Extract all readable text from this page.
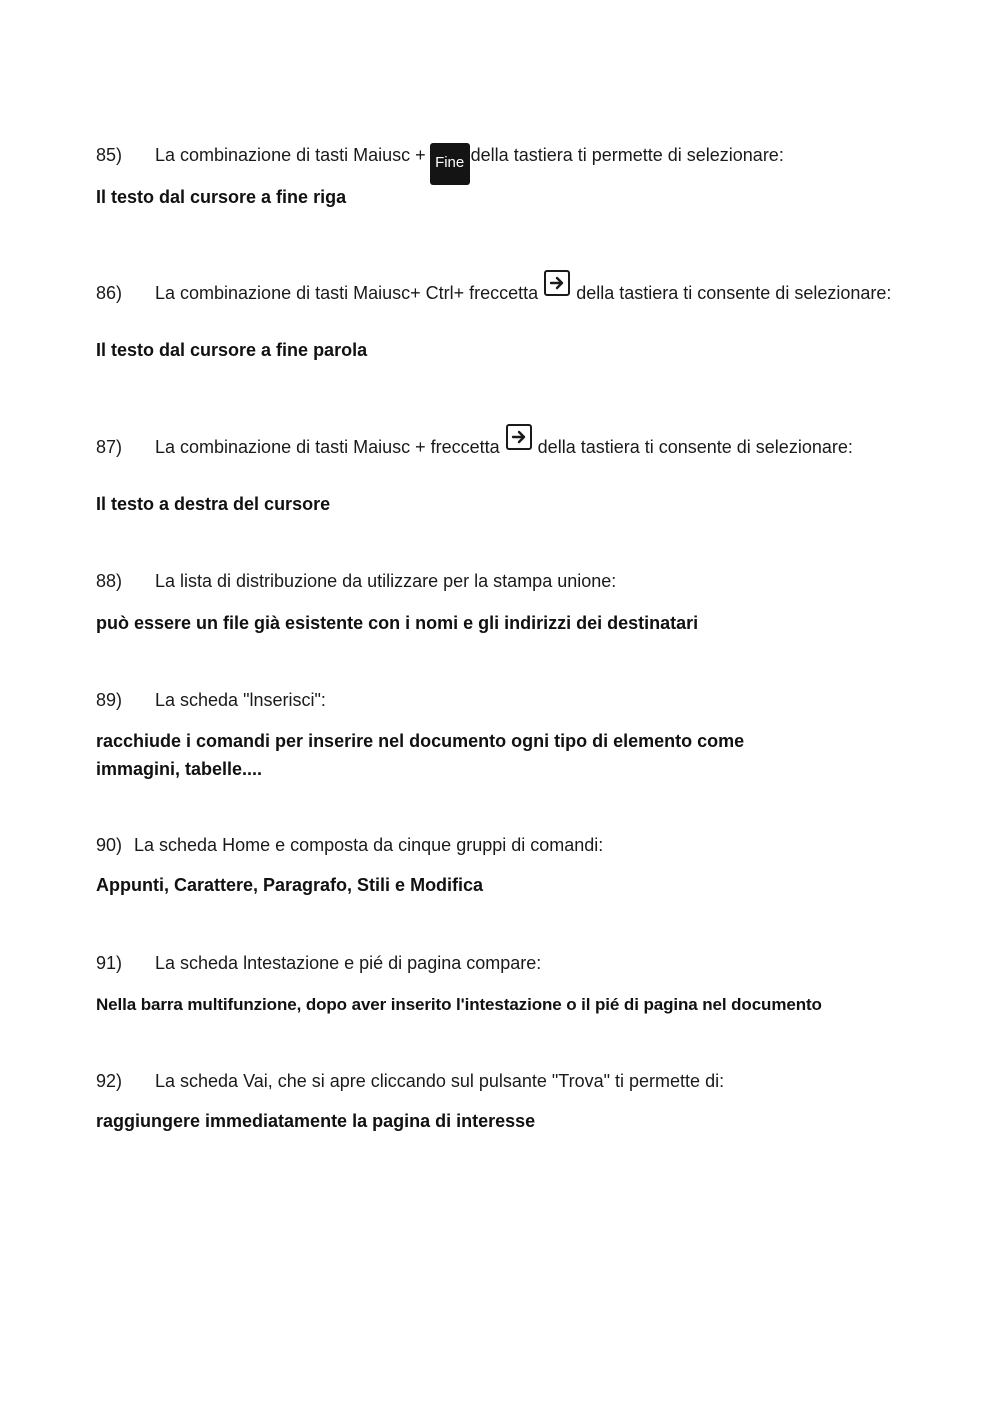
85) La combinazione di tasti Maiusc + Fine della tastiera ti permette di selezionare:
Il testo dal cursore a fine riga
86) La combinazione di tasti Maiusc+ Ctrl+ freccetta della tastiera ti consente di selezionare:
Il testo dal cursore a fine parola
87) La combinazione di tasti Maiusc + freccetta della tastiera ti consente di selezionare:
Il testo a destra del cursore
88) La lista di distribuzione da utilizzare per la stampa unione:
può essere un file già esistente con i nomi e gli indirizzi dei destinatari
89) La scheda "lnserisci":
racchiude i comandi per inserire nel documento ogni tipo di elemento come immagini, tabelle....
90) La scheda Home e composta da cinque gruppi di comandi:
Appunti, Carattere, Paragrafo, Stili e Modifica
91) La scheda lntestazione e pié di pagina compare:
Nella barra multifunzione, dopo aver inserito l'intestazione o il pié di pagina nel documento
92) La scheda Vai, che si apre cliccando sul pulsante "Trova" ti permette di:
raggiungere immediatamente la pagina di interesse
